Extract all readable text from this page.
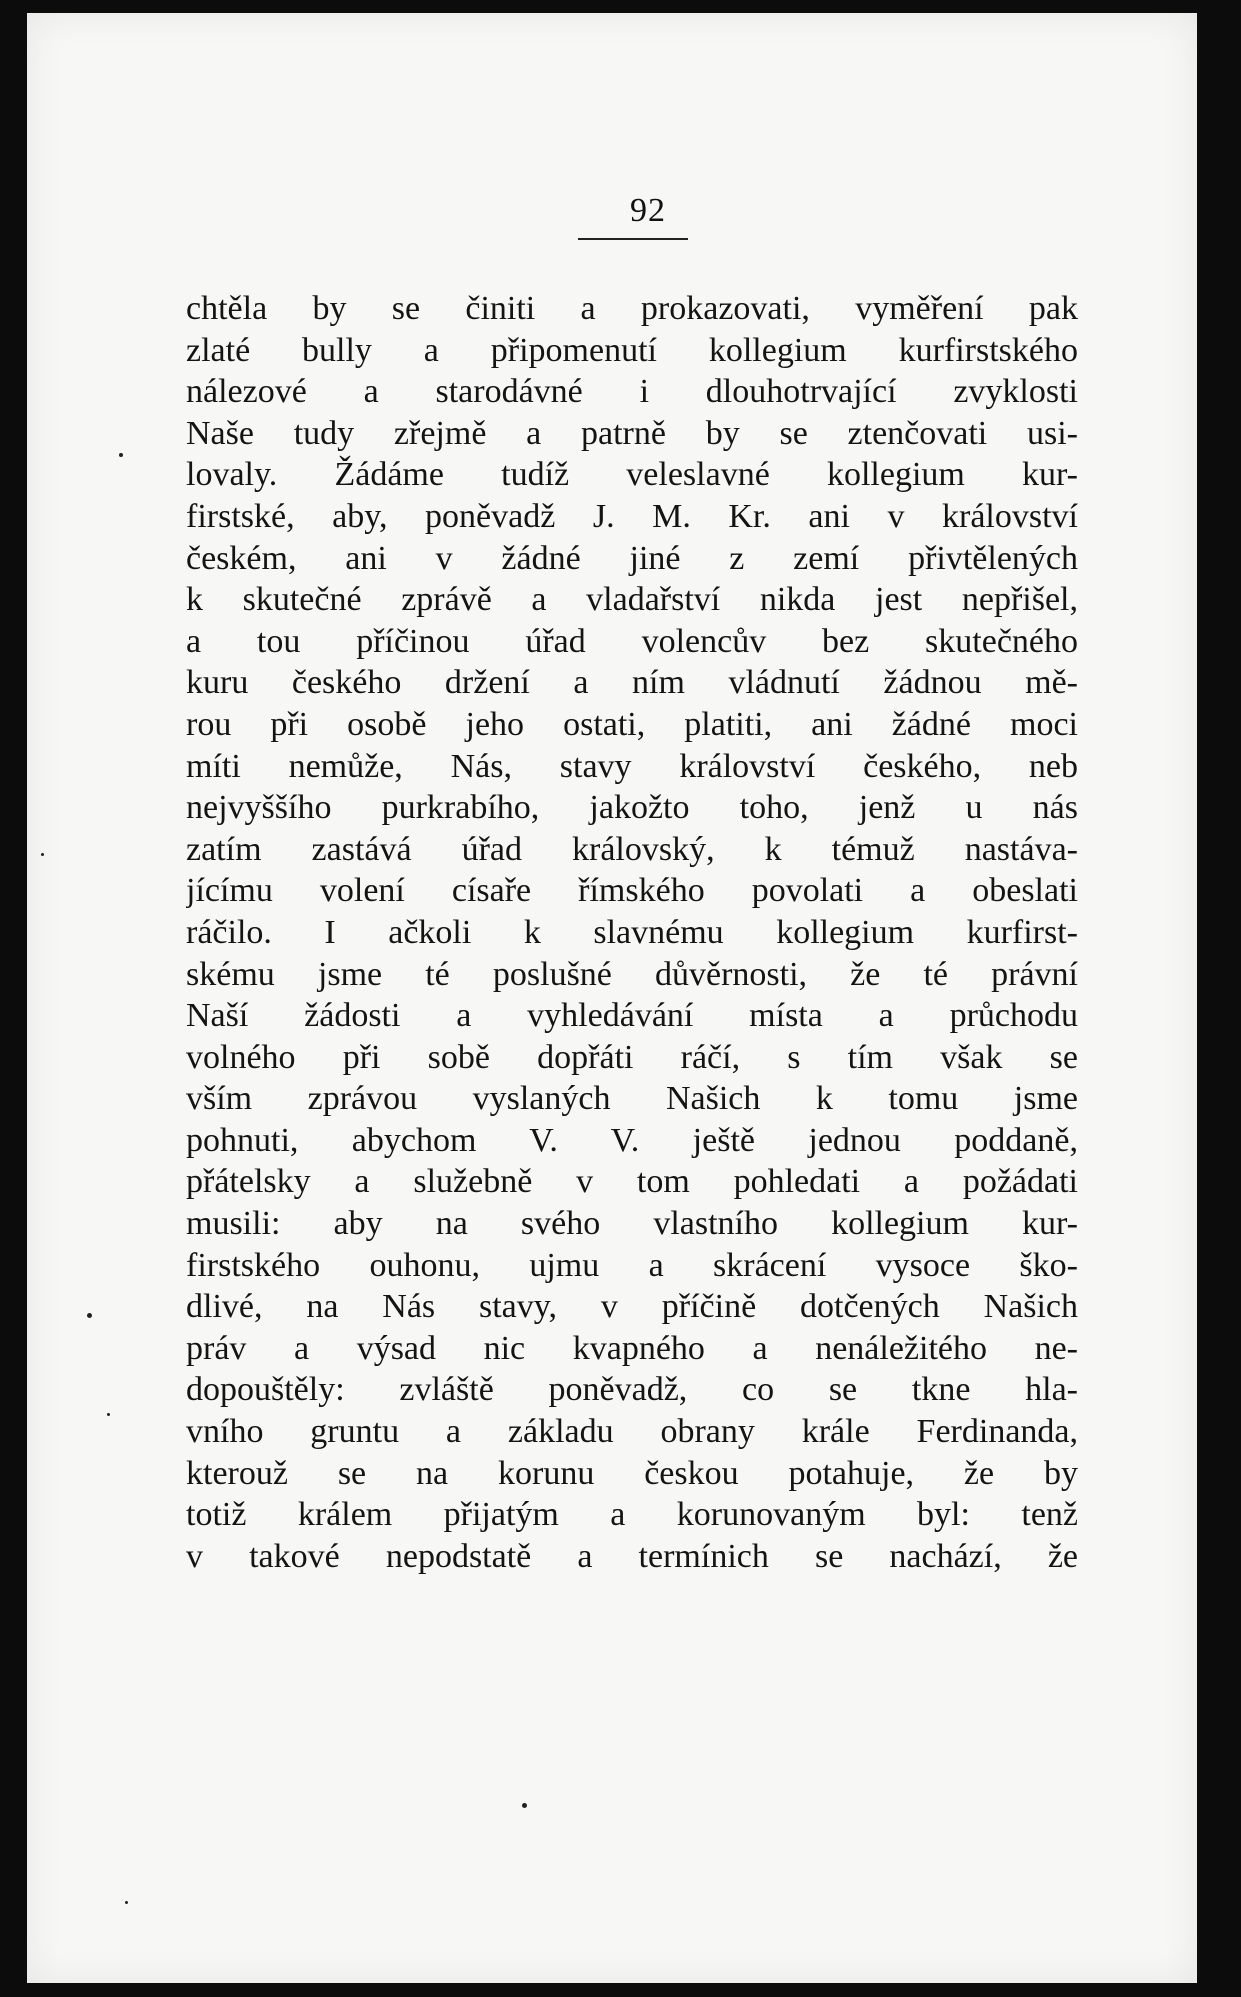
92
chtěla by se činiti a prokazovati, vyměření pak
zlaté bully a připomenutí kollegium kurfirstského
nálezové a starodávné i dlouhotrvající zvyklosti
Naše tudy zřejmě a patrně by se ztenčovati usi-
lovaly. Žádáme tudíž veleslavné kollegium kur-
firstské, aby, poněvadž J. M. Kr. ani v království
českém, ani v žádné jiné z zemí přivtělených
k skutečné zprávě a vladařství nikda jest nepřišel,
a tou příčinou úřad volencův bez skutečného
kuru českého držení a ním vládnutí žádnou mě-
rou při osobě jeho ostati, platiti, ani žádné moci
míti nemůže, Nás, stavy království českého, neb
nejvyššího purkrabího, jakožto toho, jenž u nás
zatím zastává úřad královský, k témuž nastáva-
jícímu volení císaře římského povolati a obeslati
ráčilo. I ačkoli k slavnému kollegium kurfirst-
skému jsme té poslušné důvěrnosti, že té právní
Naší žádosti a vyhledávání místa a průchodu
volného při sobě dopřáti ráčí, s tím však se
vším zprávou vyslaných Našich k tomu jsme
pohnuti, abychom V. V. ještě jednou poddaně,
přátelsky a služebně v tom pohledati a požádati
musili: aby na svého vlastního kollegium kur-
firstského ouhonu, ujmu a skrácení vysoce ško-
dlivé, na Nás stavy, v příčině dotčených Našich
práv a výsad nic kvapného a nenáležitého ne-
dopouštěly: zvláště poněvadž, co se tkne hla-
vního gruntu a základu obrany krále Ferdinanda,
kterouž se na korunu českou potahuje, že by
totiž králem přijatým a korunovaným byl: tenž
v takové nepodstatě a termínich se nachází, že
